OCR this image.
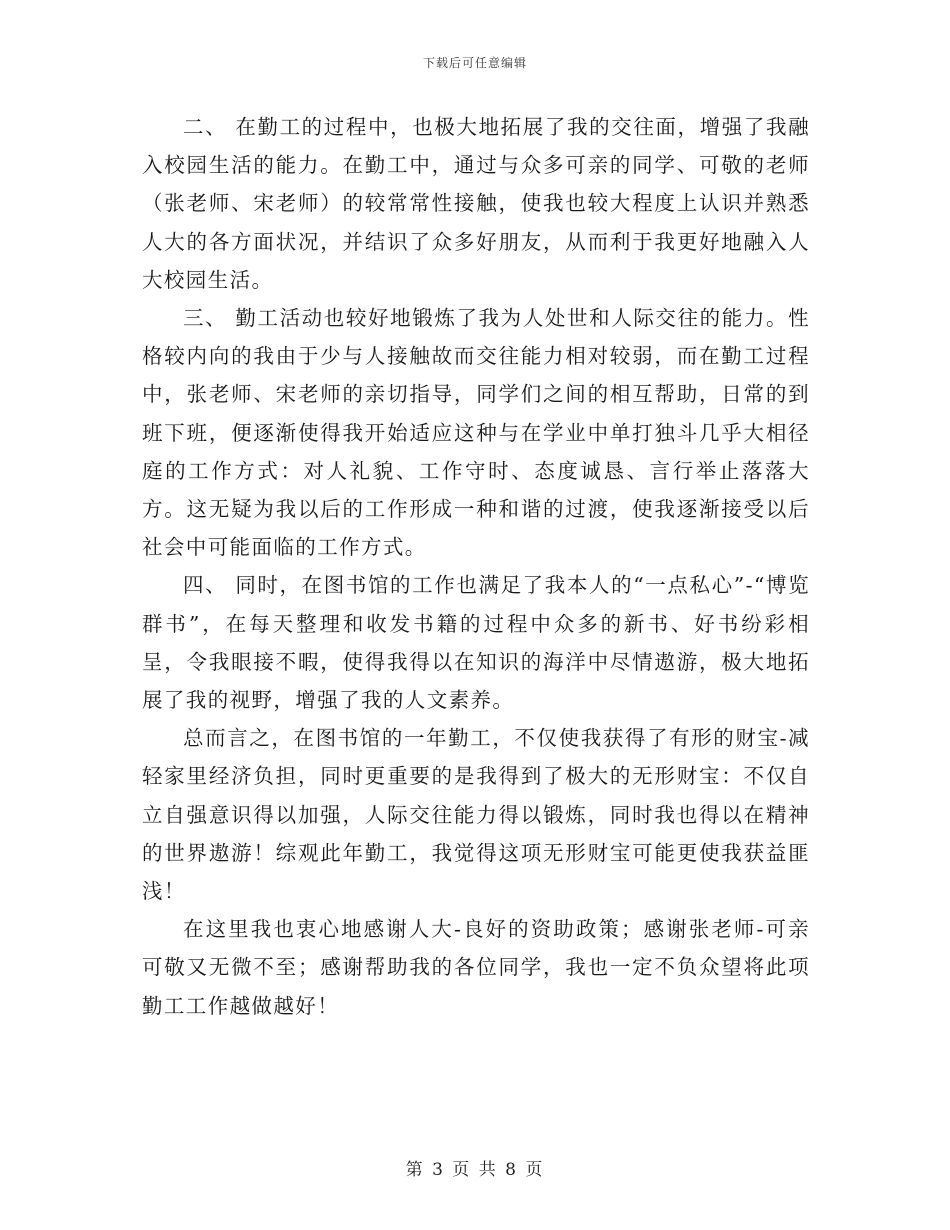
下载后可任意编辑

二、 在勤工的过程中，也极大地拓展了我的交往面，增强了我融入校园生活的能力。在勤工中，通过与众多可亲的同学、可敬的老师（张老师、宋老师）的较常常性接触，使我也较大程度上认识并熟悉人大的各方面状况，并结识了众多好朋友，从而利于我更好地融入人大校园生活。

三、 勤工活动也较好地锻炼了我为人处世和人际交往的能力。性格较内向的我由于少与人接触故而交往能力相对较弱，而在勤工过程中，张老师、宋老师的亲切指导，同学们之间的相互帮助，日常的到班下班，便逐渐使得我开始适应这种与在学业中单打独斗几乎大相径庭的工作方式：对人礼貌、工作守时、态度诚恳、言行举止落落大方。这无疑为我以后的工作形成一种和谐的过渡，使我逐渐接受以后社会中可能面临的工作方式。

四、 同时，在图书馆的工作也满足了我本人的“一点私心”-“博览群书”，在每天整理和收发书籍的过程中众多的新书、好书纷彩相呈，令我眼接不暇，使得我得以在知识的海洋中尽情遨游，极大地拓展了我的视野，增强了我的人文素养。

总而言之，在图书馆的一年勤工，不仅使我获得了有形的财宝-减轻家里经济负担，同时更重要的是我得到了极大的无形财宝：不仅自立自强意识得以加强，人际交往能力得以锻炼，同时我也得以在精神的世界遨游！综观此年勤工，我觉得这项无形财宝可能更使我获益匪浅！

在这里我也衷心地感谢人大-良好的资助政策；感谢张老师-可亲可敬又无微不至；感谢帮助我的各位同学，我也一定不负众望将此项勤工工作越做越好！

第 3 页 共 8 页
